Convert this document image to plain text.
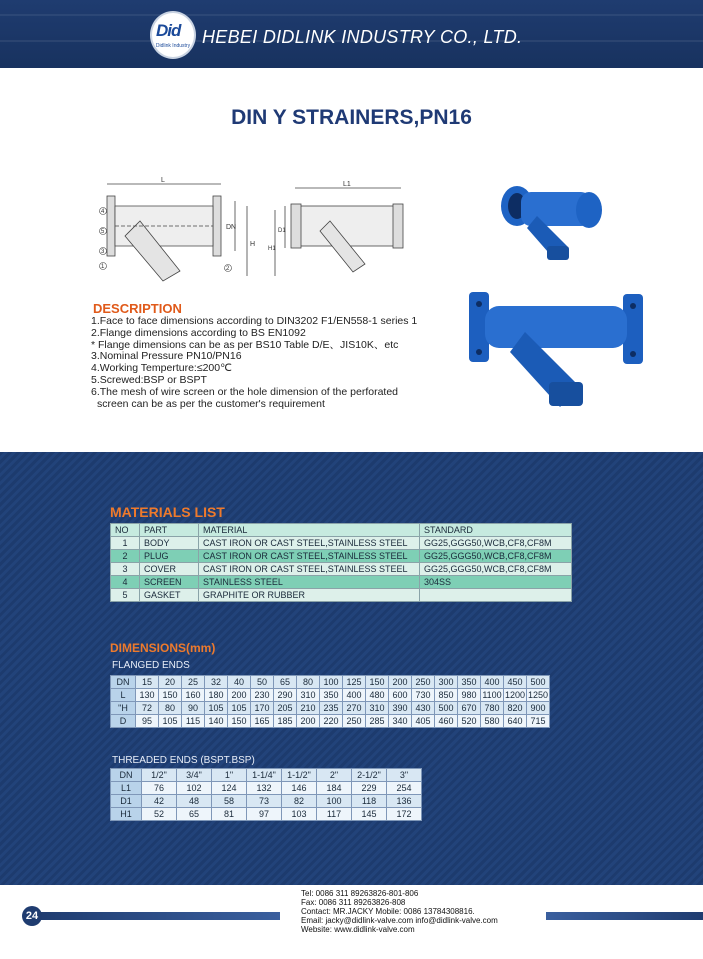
Did
Didlink Industry HEBEI DIDLINK INDUSTRY CO., LTD.
DIN Y STRAINERS,PN16
L
DN
H
4
5
3
1	2
L1
D1
H1
DESCRIPTION
1.Face to face dimensions according to DIN3202 F1/EN558-1 series 1
2.Flange dimensions according to BS EN1092
* Flange dimensions can be as per BS10 Table D/E、JIS10K、etc
3.Nominal Pressure PN10/PN16
4.Working Temperture:≤200℃
5.Screwed:BSP or BSPT
6.The mesh of wire screen or the hole dimension of the perforated
screen can be as per the customer's requirement
MATERIALS LIST
NO	PART	MATERIAL	STANDARD
1	BODY	CAST IRON OR CAST STEEL,STAINLESS STEEL	GG25,GGG50,WCB,CF8,CF8M
2	PLUG	CAST IRON OR CAST STEEL,STAINLESS STEEL	GG25,GGG50,WCB,CF8,CF8M
3	COVER	CAST IRON OR CAST STEEL,STAINLESS STEEL	GG25,GGG50,WCB,CF8,CF8M
4	SCREEN	STAINLESS STEEL	304SS
5	GASKET	GRAPHITE OR RUBBER	
DIMENSIONS(mm)
FLANGED ENDS
DN	15	20	25	32	40	50	65	80	100	125	150	200	250	300	350	400	450	500
L	130	150	160	180	200	230	290	310	350	400	480	600	730	850	980	1100	1200	1250
"H	72	80	90	105	105	170	205	210	235	270	310	390	430	500	670	780	820	900
D	95	105	115	140	150	165	185	200	220	250	285	340	405	460	520	580	640	715
THREADED ENDS (BSPT.BSP)
DN	1/2"	3/4"	1"	1-1/4"	1-1/2"	2"	2-1/2"	3"
L1	76	102	124	132	146	184	229	254
D1	42	48	58	73	82	100	118	136
H1	52	65	81	97	103	117	145	172
24
Tel: 0086 311 89263826-801-806
Fax: 0086 311 89263826-808
Contact: MR.JACKY Mobile: 0086 13784308816.
Email: jacky@didlink-valve.com info@didlink-valve.com
Website: www.didlink-valve.com
